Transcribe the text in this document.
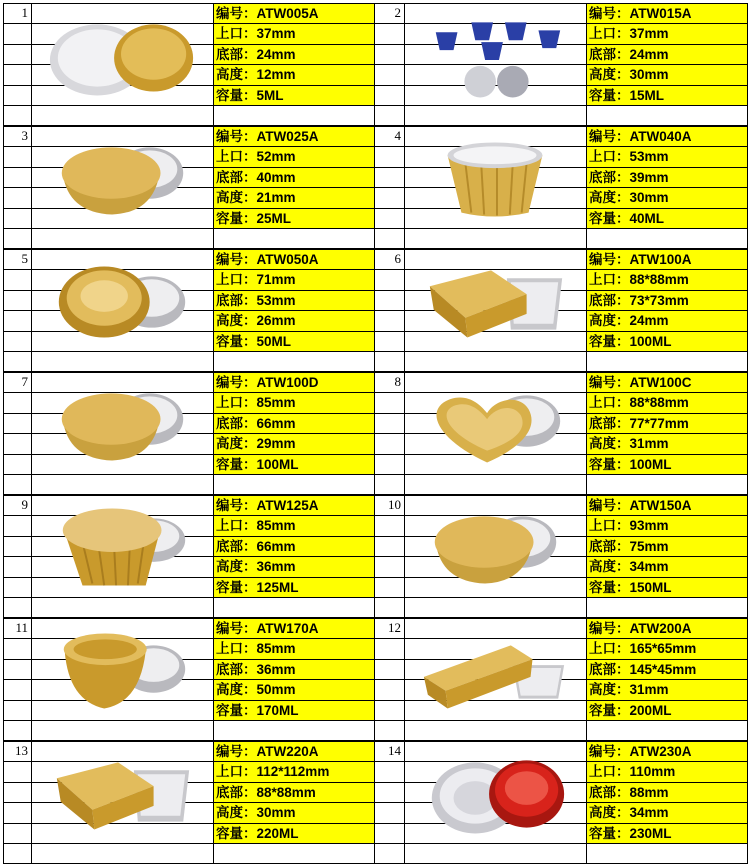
1	编号：ATW005A
上口：37mm
底部：24mm
高度：12mm
容量：5ML
2	编号：ATW015A
上口：37mm
底部：24mm
高度：30mm
容量：15ML
3	编号：ATW025A
上口：52mm
底部：40mm
高度：21mm
容量：25ML
4	编号：ATW040A
上口：53mm
底部：39mm
高度：30mm
容量：40ML
5	编号：ATW050A
上口：71mm
底部：53mm
高度：26mm
容量：50ML
6	编号：ATW100A
上口：88*88mm
底部：73*73mm
高度：24mm
容量：100ML
7	编号：ATW100D
上口：85mm
底部：66mm
高度：29mm
容量：100ML
8	编号：ATW100C
上口：88*88mm
底部：77*77mm
高度：31mm
容量：100ML
9	编号：ATW125A
上口：85mm
底部：66mm
高度：36mm
容量：125ML
10	编号：ATW150A
上口：93mm
底部：75mm
高度：34mm
容量：150ML
11	编号：ATW170A
上口：85mm
底部：36mm
高度：50mm
容量：170ML
12	编号：ATW200A
上口：165*65mm
底部：145*45mm
高度：31mm
容量：200ML
13	编号：ATW220A
上口：112*112mm
底部：88*88mm
高度：30mm
容量：220ML
14	编号：ATW230A
上口：110mm
底部：88mm
高度：34mm
容量：230ML
